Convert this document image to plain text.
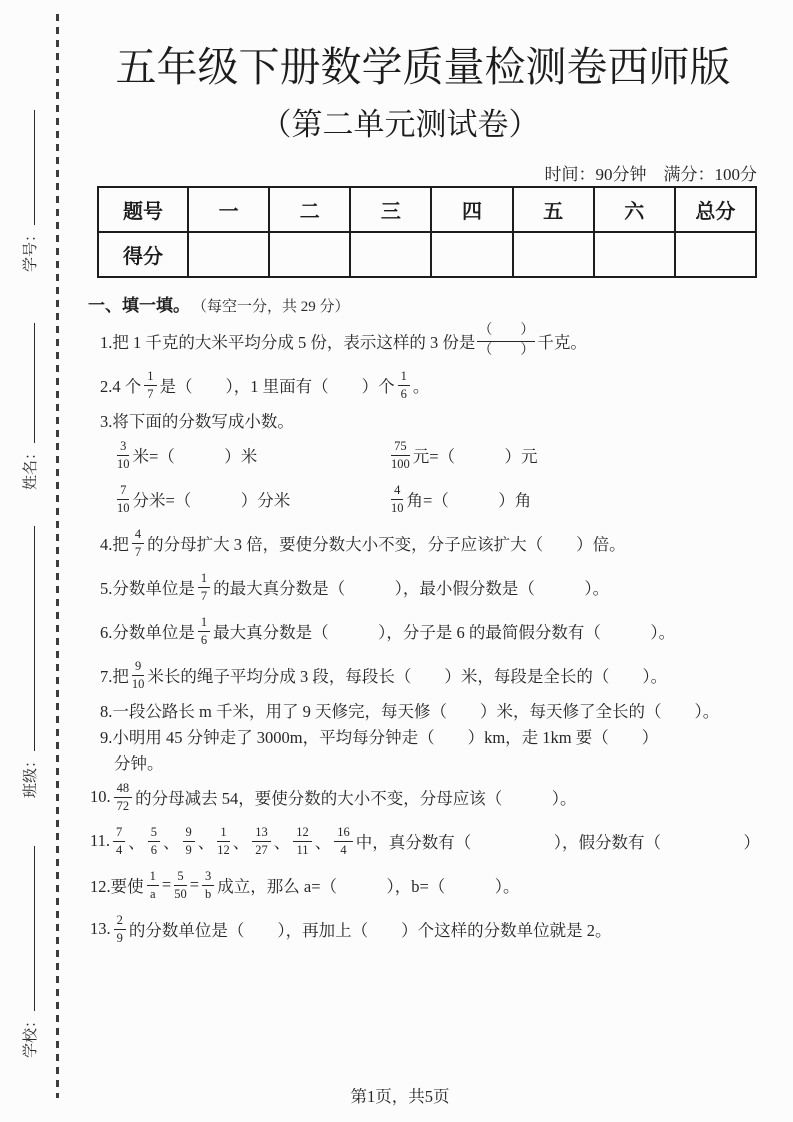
学号：
姓名：
班级：
学校：
五年级下册数学质量检测卷西师版
（第二单元测试卷）
时间：90分钟　满分：100分
题号	一	二	三	四	五	六	总分
得分							
一、填一填。 （每空一分，共 29 分）
1.把 1 千克的大米平均分成 5 份，表示这样的 3 份是
（　　）
（　　） 千克。
2.4 个 $\frac{1}{7}$ 是（　　），1 里面有（　　）个 $\frac{1}{6}$ 。
3.将下面的分数写成小数。
$\frac{3}{10}$ 米=（　　　）米	$\frac{75}{100}$ 元=（　　　）元
$\frac{7}{10}$ 分米=（　　　）分米	$\frac{4}{10}$ 角=（　　　）角
4.把 $\frac{4}{7}$ 的分母扩大 3 倍，要使分数大小不变，分子应该扩大（　　）倍。
5.分数单位是 $\frac{1}{7}$ 的最大真分数是（　　　），最小假分数是（　　　）。
6.分数单位是 $\frac{1}{6}$ 最大真分数是（　　　），分子是 6 的最简假分数有（　　　）。
7.把 $\frac{9}{10}$ 米长的绳子平均分成 3 段，每段长（　　）米，每段是全长的（　　）。
8.一段公路长 m 千米，用了 9 天修完，每天修（　　）米，每天修了全长的（　　）。
9.小明用 45 分钟走了 3000m，平均每分钟走（　　）km，走 1km 要（　　）
分钟。
10. $\frac{48}{72}$ 的分母减去 54，要使分数的大小不变，分母应该（　　　）。
11. $\frac{7}{4}$ 、 $\frac{5}{6}$ 、 $\frac{9}{9}$ 、 $\frac{1}{12}$ 、 $\frac{13}{27}$ 、 $\frac{12}{11}$ 、 $\frac{16}{4}$ 中，真分数有（　　　　　），假分数有（　　　　　）
12.要使 $\frac{1}{a} = \frac{5}{50} = \frac{3}{b}$ 成立，那么 a=（　　　），b=（　　　）。
13. $\frac{2}{9}$ 的分数单位是（　　），再加上（　　）个这样的分数单位就是 2。
第1页，共5页
